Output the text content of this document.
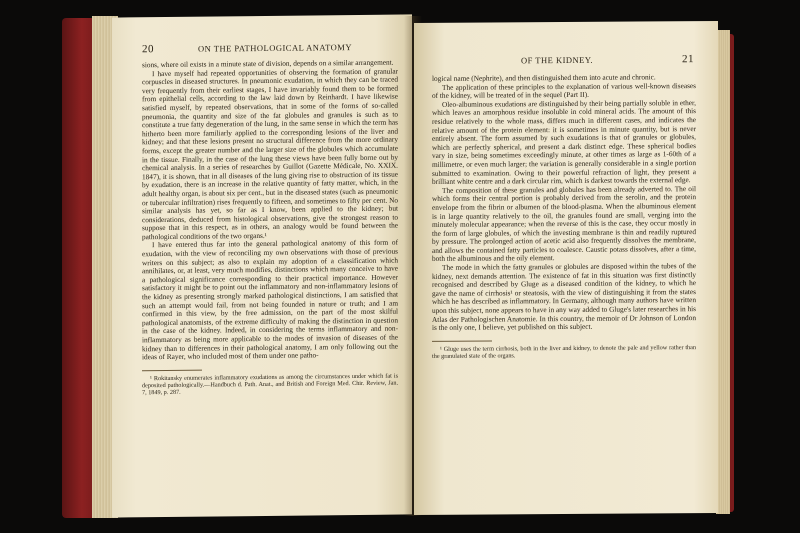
20	ON THE PATHOLOGICAL ANATOMY

sions, where oil exists in a minute state of division, depends on a similar arrangement.

I have myself had repeated opportunities of observing the formation of granular corpuscles in diseased structures. In pneumonic exudation, in which they can be traced very frequently from their earliest stages, I have invariably found them to be formed from epithelial cells, according to the law laid down by Reinhardt. I have likewise satisfied myself, by repeated observations, that in some of the forms of so-called pneumonia, the quantity and size of the fat globules and granules is such as to constitute a true fatty degeneration of the lung, in the same sense in which the term has hitherto been more familiarly applied to the corresponding lesions of the liver and kidney; and that these lesions present no structural difference from the more ordinary forms, except the greater number and the larger size of the globules which accumulate in the tissue. Finally, in the case of the lung these views have been fully borne out by chemical analysis. In a series of researches by Guillot (Gazette Médicale, No. XXIX. 1847), it is shown, that in all diseases of the lung giving rise to obstruction of its tissue by exudation, there is an increase in the relative quantity of fatty matter, which, in the adult healthy organ, is about six per cent., but in the diseased states (such as pneumonic or tubercular infiltration) rises frequently to fifteen, and sometimes to fifty per cent. No similar analysis has yet, so far as I know, been applied to the kidney; but considerations, deduced from histological observations, give the strongest reason to suppose that in this respect, as in others, an analogy would be found between the pathological conditions of the two organs.¹

I have entered thus far into the general pathological anatomy of this form of exudation, with the view of reconciling my own observations with those of previous writers on this subject; as also to explain my adoption of a classification which annihilates, or, at least, very much modifies, distinctions which many conceive to have a pathological significance corresponding to their practical importance. However satisfactory it might be to point out the inflammatory and non-inflammatory lesions of the kidney as presenting strongly marked pathological distinctions, I am satisfied that such an attempt would fail, from not being founded in nature or truth; and I am confirmed in this view, by the free admission, on the part of the most skilful pathological anatomists, of the extreme difficulty of making the distinction in question in the case of the kidney. Indeed, in considering the terms inflammatory and non-inflammatory as being more applicable to the modes of invasion of diseases of the kidney than to differences in their pathological anatomy, I am only following out the ideas of Rayer, who included most of them under one patho-

¹ Rokitansky enumerates inflammatory exudations as among the circumstances under which fat is deposited pathologically.—Handbuch d. Path. Anat., and British and Foreign Med. Chir. Review, Jan. 7, 1849, p. 287.

OF THE KIDNEY.	21

logical name (Nephrite), and then distinguished them into acute and chronic.

The application of these principles to the explanation of various well-known diseases of the kidney, will be treated of in the sequel (Part II).

Oleo-albuminous exudations are distinguished by their being partially soluble in ether, which leaves an amorphous residue insoluble in cold mineral acids. The amount of this residue relatively to the whole mass, differs much in different cases, and indicates the relative amount of the protein element: it is sometimes in minute quantity, but is never entirely absent. The form assumed by such exudations is that of granules or globules, which are perfectly spherical, and present a dark distinct edge. These spherical bodies vary in size, being sometimes exceedingly minute, at other times as large as 1-60th of a millimetre, or even much larger; the variation is generally considerable in a single portion submitted to examination. Owing to their powerful refraction of light, they present a brilliant white centre and a dark circular rim, which is darkest towards the external edge.

The composition of these granules and globules has been already adverted to. The oil which forms their central portion is probably derived from the serolin, and the protein envelope from the fibrin or albumen of the blood-plasma. When the albuminous element is in large quantity relatively to the oil, the granules found are small, verging into the minutely molecular appearance; when the reverse of this is the case, they occur mostly in the form of large globules, of which the investing membrane is thin and readily ruptured by pressure. The prolonged action of acetic acid also frequently dissolves the membrane, and allows the contained fatty particles to coalesce. Caustic potass dissolves, after a time, both the albuminous and the oily element.

The mode in which the fatty granules or globules are disposed within the tubes of the kidney, next demands attention. The existence of fat in this situation was first distinctly recognised and described by Gluge as a diseased condition of the kidney, to which he gave the name of cirrhosis¹ or steatosis, with the view of distinguishing it from the states which he has described as inflammatory. In Germany, although many authors have written upon this subject, none appears to have in any way added to Gluge's later researches in his Atlas der Pathologischen Anatomie. In this country, the memoir of Dr Johnson of London is the only one, I believe, yet published on this subject.

¹ Gluge uses the term cirrhosis, both in the liver and kidney, to denote the pale and yellow rather than the granulated state of the organs.
